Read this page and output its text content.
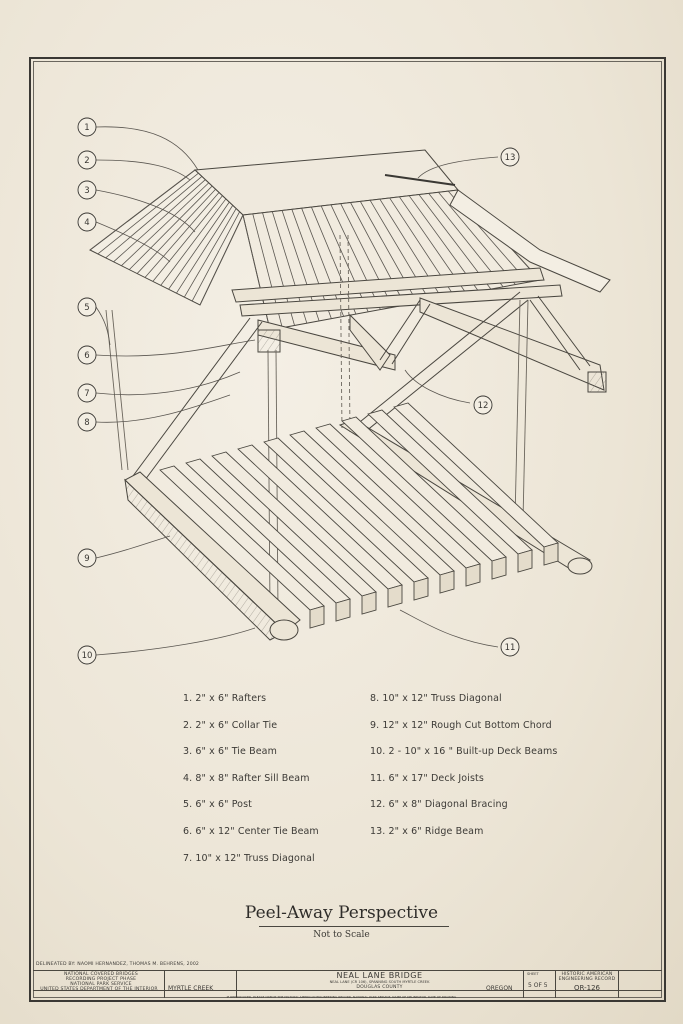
1
2
3
4
5
6
7
8
9
10
11
12
13
1. 2" x 6" Rafters
2. 2" x 6" Collar Tie
3. 6" x 6" Tie Beam
4. 8" x 8" Rafter Sill Beam
5. 6" x 6" Post
6. 6" x 12" Center Tie Beam
7. 10" x 12" Truss Diagonal
8. 10" x 12" Truss Diagonal
9. 12" x 12" Rough Cut Bottom Chord
10. 2 - 10" x 16 " Built-up Deck Beams
11. 6" x 17" Deck Joists
12. 6" x 8" Diagonal Bracing
13. 2" x 6" Ridge Beam
Peel-Away Perspective
Not to Scale
DELINEATED BY: NAOMI HERNANDEZ, THOMAS M. BEHRENS, 2002
NATIONAL COVERED BRIDGES
RECORDING PROJECT PHASE
NATIONAL PARK SERVICE
UNITED STATES DEPARTMENT OF THE INTERIOR	MYRTLE CREEK
NEAL LANE BRIDGE
NEAL LANE (CR 106), SPANNING SOUTH MYRTLE CREEK
DOUGLAS COUNTY	OREGON
SHEET
5 OF 5
HISTORIC AMERICAN
ENGINEERING RECORD
OR-126
IF REPRODUCED, PLEASE CREDIT THE HISTORIC AMERICAN ENGINEERING RECORD, NATIONAL PARK SERVICE, NAME OF DELINEATOR, DATE OF DRAWING
